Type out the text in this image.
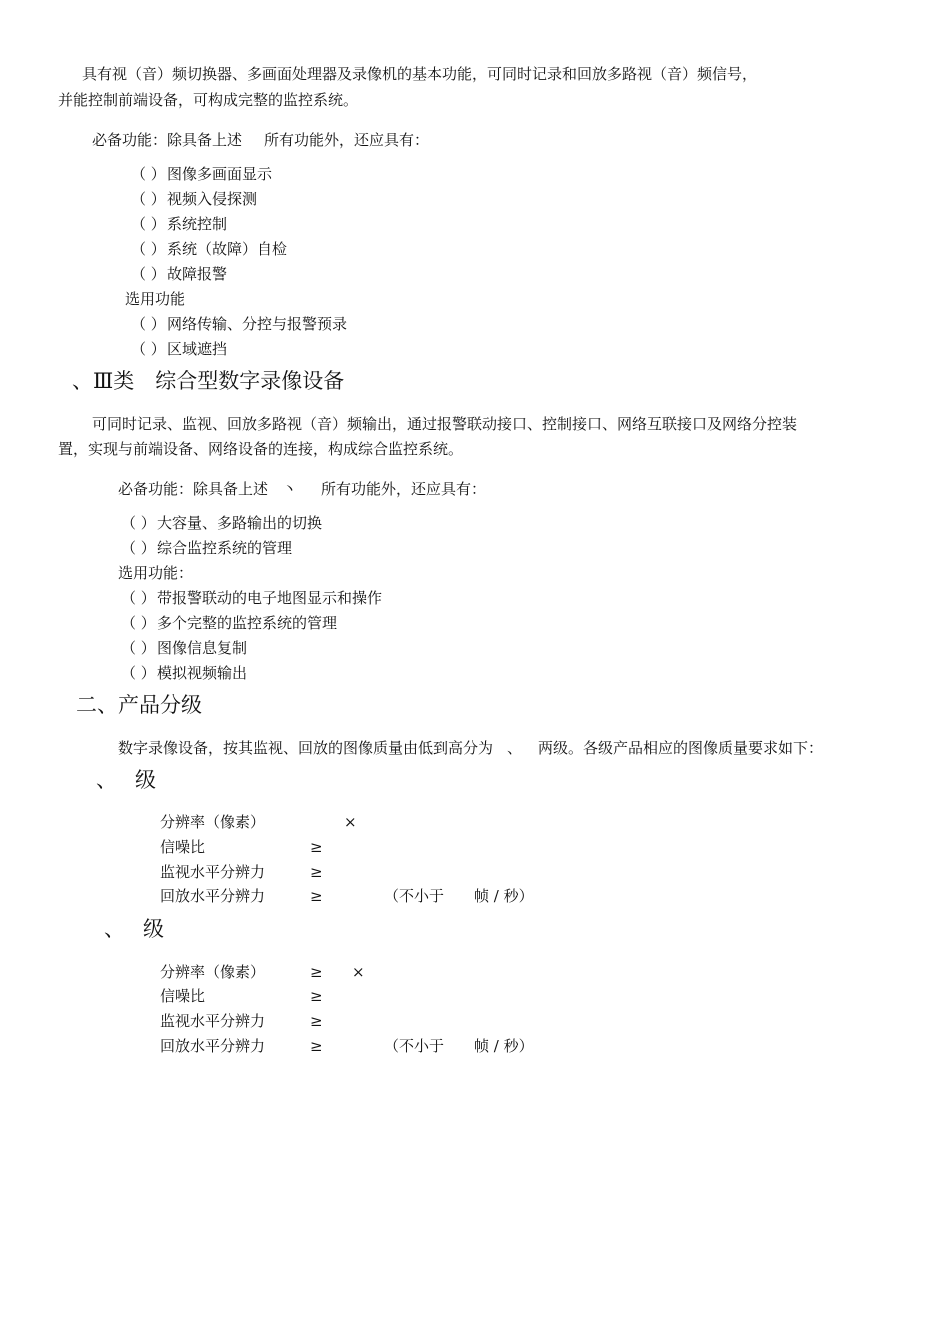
具有视（音）频切换器、多画面处理器及录像机的基本功能，可同时记录和回放多路视（音）频信号，
并能控制前端设备，可构成完整的监控系统。
必备功能：除具备上述 所有功能外，还应具有：
（ ）图像多画面显示
（ ）视频入侵探测
（ ）系统控制
（ ）系统（故障）自检
（ ）故障报警
选用功能
（ ）网络传输、分控与报警预录
（ ）区域遮挡
、Ⅲ类　综合型数字录像设备
可同时记录、监视、回放多路视（音）频输出，通过报警联动接口、控制接口、网络互联接口及网络分控装
置，实现与前端设备、网络设备的连接，构成综合监控系统。
必备功能：除具备上述 丶 所有功能外，还应具有：
（ ）大容量、多路输出的切换
（ ）综合监控系统的管理
选用功能：
（ ）带报警联动的电子地图显示和操作
（ ）多个完整的监控系统的管理
（ ）图像信息复制
（ ）模拟视频输出
二、产品分级
数字录像设备，按其监视、回放的图像质量由低到高分为 、 两级。各级产品相应的图像质量要求如下：
、 级
分辨率（像素）	×
信噪比	≥
监视水平分辨力	≥
回放水平分辨力	≥	（不小于　　帧 / 秒）
、 级
分辨率（像素）	≥ ×
信噪比	≥
监视水平分辨力	≥
回放水平分辨力	≥	（不小于　　帧 / 秒）
